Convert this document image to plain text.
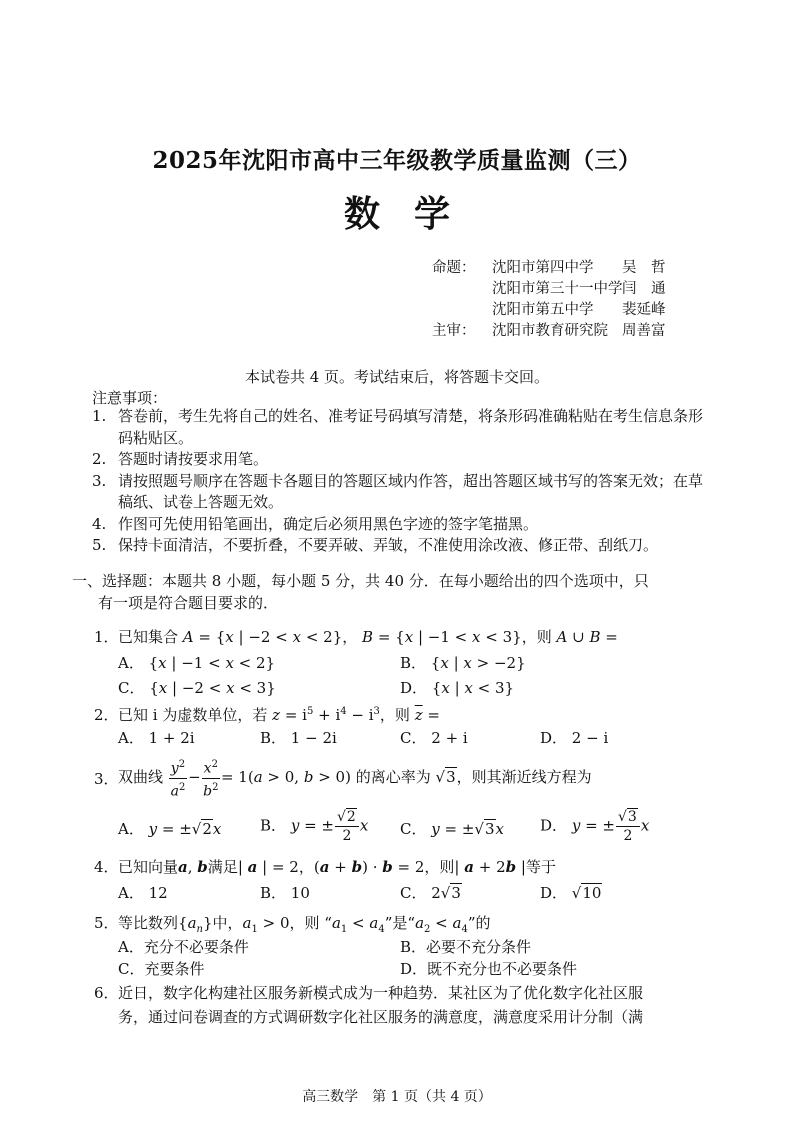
2025年沈阳市高中三年级教学质量监测（三）
数学
命题：	沈阳市第四中学 吴　哲
沈阳市第三十一中学 闫　通
沈阳市第五中学 裴延峰
主审：	沈阳市教育研究院 周善富
本试卷共 4 页。考试结束后，将答题卡交回。
注意事项：
1. 答卷前，考生先将自己的姓名、准考证号码填写清楚，将条形码准确粘贴在考生信息条形码粘贴区。
2. 答题时请按要求用笔。
3. 请按照题号顺序在答题卡各题目的答题区域内作答，超出答题区域书写的答案无效；在草稿纸、试卷上答题无效。
4. 作图可先使用铅笔画出，确定后必须用黑色字迹的签字笔描黑。
5. 保持卡面清洁，不要折叠，不要弄破、弄皱，不准使用涂改液、修正带、刮纸刀。
一、选择题：本题共 8 小题，每小题 5 分，共 40 分．在每小题给出的四个选项中，只
有一项是符合题目要求的．
1． 已知集合 A = {x | −2 < x < 2}， B = {x | −1 < x < 3}，则 A ∪ B =
A． {x | −1 < x < 2}	B． {x | x > −2}
C． {x | −2 < x < 3}	D． {x | x < 3}
2． 已知 i 为虚数单位，若 $z = i^5 + i^4 - i^3$，则 $\overline{z}$ =
A． 1 + 2i	B． 1 − 2i	C． 2 + i	D． 2 − i
3． 双曲线 $\frac{y^2}{a^2} - \frac{x^2}{b^2} = 1(a > 0$, b > 0) 的离心率为 √3，则其渐近线方程为
A． y = ±√2x	B． y = ± $\frac{√2}{2}$ x C． y = ±√3x D． y = ± $\frac{√3}{2}$ x
4． 已知向量a, b满足| a | = 2，(a + b) · b = 2，则| a + 2b |等于
A． 12	B． 10	C． 2√3	D． √10
5． 等比数列$\{a_n\}$中，$a_1 > 0$，则 “$a_1 < a_4$”是“$a_2 < a_4$”的
A．充分不必要条件	B．必要不充分条件
C．充要条件	D．既不充分也不必要条件
6． 近日，数字化构建社区服务新模式成为一种趋势．某社区为了优化数字化社区服
务，通过问卷调查的方式调研数字化社区服务的满意度，满意度采用计分制（满
高三数学　第 1 页（共 4 页）
